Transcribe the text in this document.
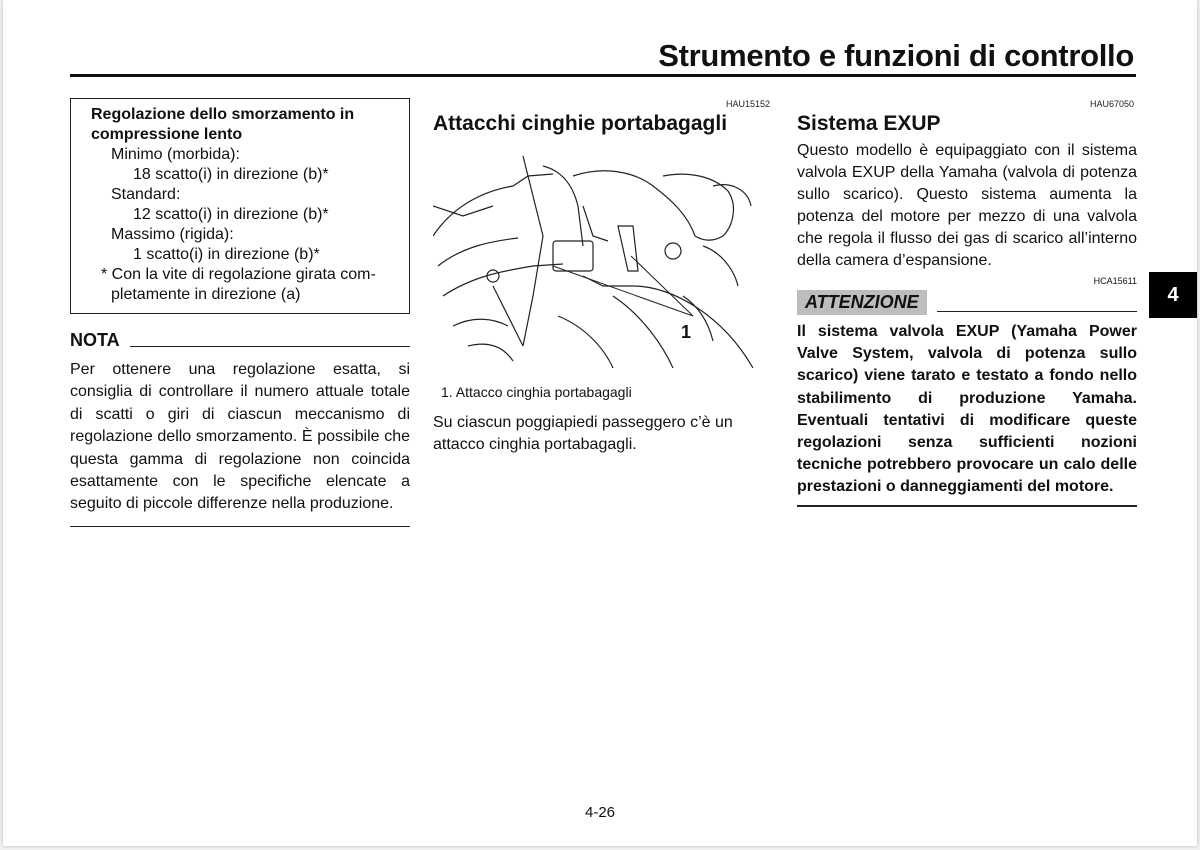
Strumento e funzioni di controllo
Regolazione dello smorzamento in
compressione lento
Minimo (morbida):
18 scatto(i) in direzione (b)*
Standard:
12 scatto(i) in direzione (b)*
Massimo (rigida):
1 scatto(i) in direzione (b)*
* Con la vite di regolazione girata com-
pletamente in direzione (a)
NOTA
Per ottenere una regolazione esatta, si consiglia di controllare il numero attuale totale di scatti o giri di ciascun meccanismo di regolazione dello smorzamento. È possibile che questa gamma di regolazione non coincida esattamente con le specifiche elencate a seguito di piccole differenze nella produzione.
HAU15152
Attacchi cinghie portabagagli
1
1. Attacco cinghia portabagagli
Su ciascun poggiapiedi passeggero c’è un attacco cinghia portabagagli.
HAU67050
Sistema EXUP
Questo modello è equipaggiato con il sistema valvola EXUP della Yamaha (valvola di potenza sullo scarico). Questo sistema aumenta la potenza del motore per mezzo di una valvola che regola il flusso dei gas di scarico all’interno della camera d’espansione.
HCA15611
ATTENZIONE
Il sistema valvola EXUP (Yamaha Power Valve System, valvola di potenza sullo scarico) viene tarato e testato a fondo nello stabilimento di produzione Yamaha. Eventuali tentativi di modificare queste regolazioni senza sufficienti nozioni tecniche potrebbero provocare un calo delle prestazioni o danneggiamenti del motore.
4
4-26
